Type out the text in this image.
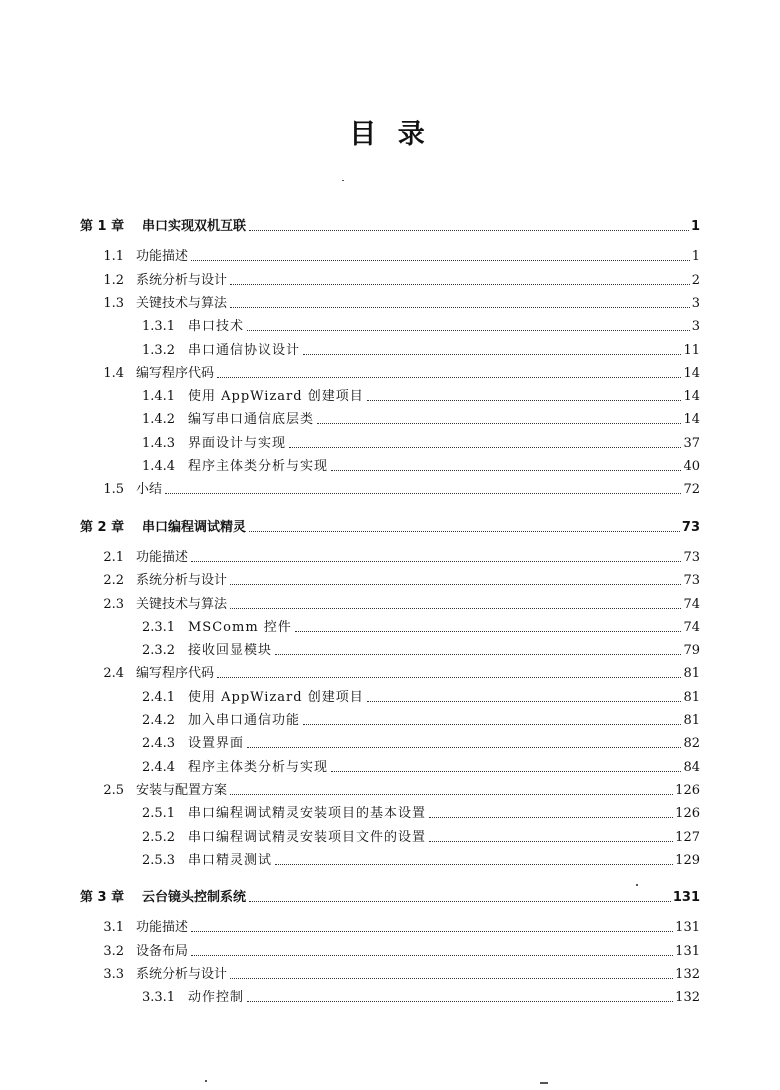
目 录
第 1 章	串口实现双机互联	1
1.1 功能描述	1
1.2 系统分析与设计	2
1.3 关键技术与算法	3
1.3.1 串口技术	3
1.3.2 串口通信协议设计	11
1.4 编写程序代码	14
1.4.1 使用 AppWizard 创建项目	14
1.4.2 编写串口通信底层类	14
1.4.3 界面设计与实现	37
1.4.4 程序主体类分析与实现	40
1.5 小结	72
第 2 章	串口编程调试精灵	73
2.1 功能描述	73
2.2 系统分析与设计	73
2.3 关键技术与算法	74
2.3.1 MSComm 控件	74
2.3.2 接收回显模块	79
2.4 编写程序代码	81
2.4.1 使用 AppWizard 创建项目	81
2.4.2 加入串口通信功能	81
2.4.3 设置界面	82
2.4.4 程序主体类分析与实现	84
2.5 安装与配置方案	126
2.5.1 串口编程调试精灵安装项目的基本设置	126
2.5.2 串口编程调试精灵安装项目文件的设置	127
2.5.3 串口精灵测试	129
第 3 章	云台镜头控制系统	131
3.1 功能描述	131
3.2 设备布局	131
3.3 系统分析与设计	132
3.3.1 动作控制	132
